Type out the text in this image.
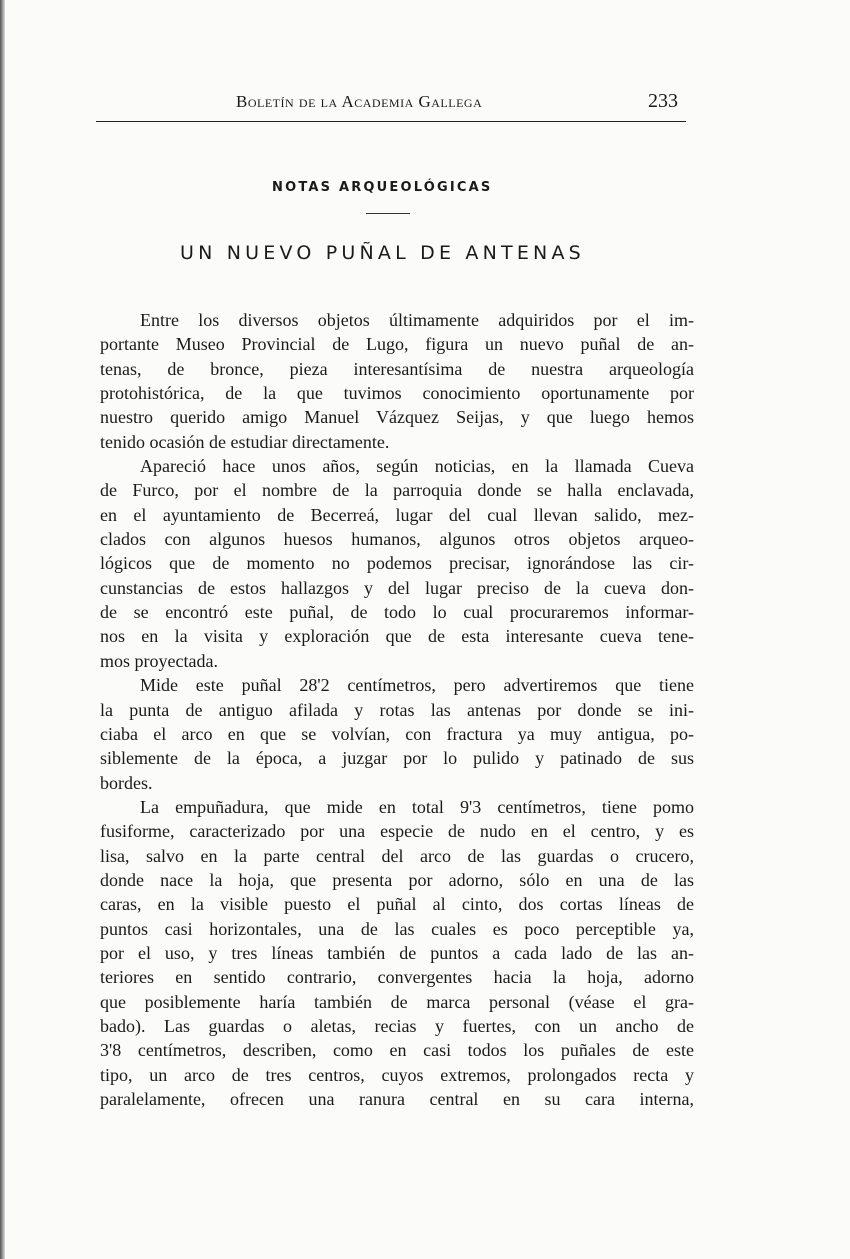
Boletín de la Academia Gallega	233
NOTAS ARQUEOLÓGICAS
UN NUEVO PUÑAL DE ANTENAS
Entre los diversos objetos últimamente adquiridos por el im-
portante Museo Provincial de Lugo, figura un nuevo puñal de an-
tenas, de bronce, pieza interesantísima de nuestra arqueología
protohistórica, de la que tuvimos conocimiento oportunamente por
nuestro querido amigo Manuel Vázquez Seijas, y que luego hemos
tenido ocasión de estudiar directamente.
Apareció hace unos años, según noticias, en la llamada Cueva
de Furco, por el nombre de la parroquia donde se halla enclavada,
en el ayuntamiento de Becerreá, lugar del cual llevan salido, mez-
clados con algunos huesos humanos, algunos otros objetos arqueo-
lógicos que de momento no podemos precisar, ignorándose las cir-
cunstancias de estos hallazgos y del lugar preciso de la cueva don-
de se encontró este puñal, de todo lo cual procuraremos informar-
nos en la visita y exploración que de esta interesante cueva tene-
mos proyectada.
Mide este puñal 28'2 centímetros, pero advertiremos que tiene
la punta de antiguo afilada y rotas las antenas por donde se ini-
ciaba el arco en que se volvían, con fractura ya muy antigua, po-
siblemente de la época, a juzgar por lo pulido y patinado de sus
bordes.
La empuñadura, que mide en total 9'3 centímetros, tiene pomo
fusiforme, caracterizado por una especie de nudo en el centro, y es
lisa, salvo en la parte central del arco de las guardas o crucero,
donde nace la hoja, que presenta por adorno, sólo en una de las
caras, en la visible puesto el puñal al cinto, dos cortas líneas de
puntos casi horizontales, una de las cuales es poco perceptible ya,
por el uso, y tres líneas también de puntos a cada lado de las an-
teriores en sentido contrario, convergentes hacia la hoja, adorno
que posiblemente haría también de marca personal (véase el gra-
bado). Las guardas o aletas, recias y fuertes, con un ancho de
3'8 centímetros, describen, como en casi todos los puñales de este
tipo, un arco de tres centros, cuyos extremos, prolongados recta y
paralelamente, ofrecen una ranura central en su cara interna,
